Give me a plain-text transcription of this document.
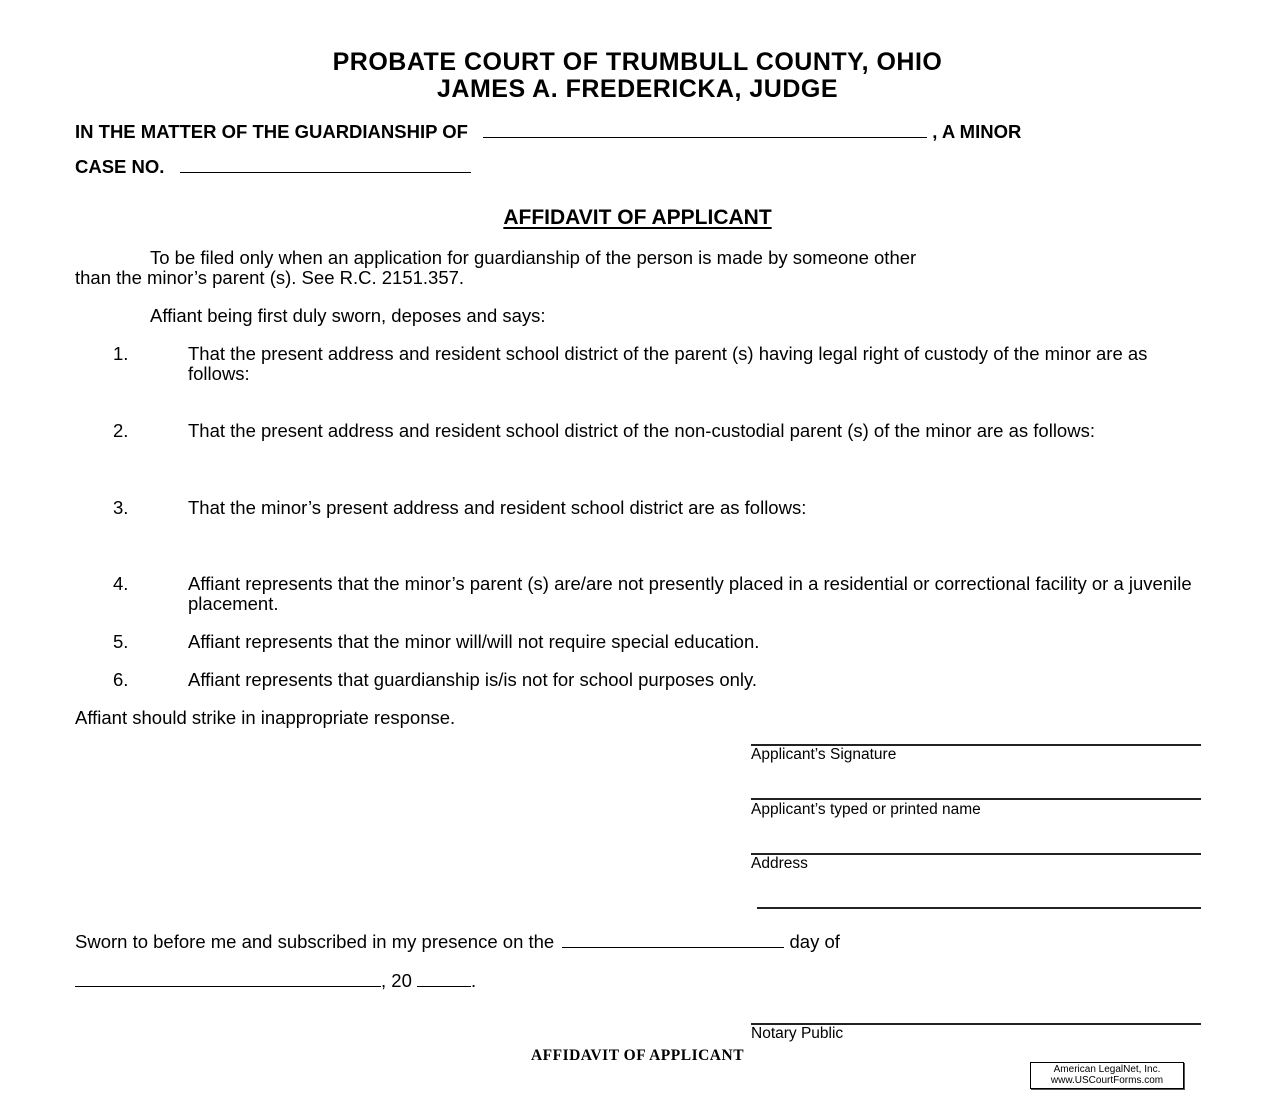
PROBATE COURT OF TRUMBULL COUNTY, OHIO
JAMES A. FREDERICKA, JUDGE
IN THE MATTER OF THE GUARDIANSHIP OF	, A MINOR
CASE NO.
AFFIDAVIT OF APPLICANT
To be filed only when an application for guardianship of the person is made by someone other
than the minor’s parent (s). See R.C. 2151.357.
Affiant being first duly sworn, deposes and says:
1.	That the present address and resident school district of the parent (s) having legal right of custody of the minor are as follows:
2.	That the present address and resident school district of the non-custodial parent (s) of the minor are as follows:
3.	That the minor’s present address and resident school district are as follows:
4.	Affiant represents that the minor’s parent (s) are/are not presently placed in a residential or correctional facility or a juvenile placement.
5.	Affiant represents that the minor will/will not require special education.
6.	Affiant represents that guardianship is/is not for school purposes only.
Affiant should strike in inappropriate response.
Applicant’s Signature
Applicant’s typed or printed name
Address
Sworn to before me and subscribed in my presence on the	day of
, 20	.
Notary Public
AFFIDAVIT OF APPLICANT
American LegalNet, Inc.
www.USCourtForms.com
